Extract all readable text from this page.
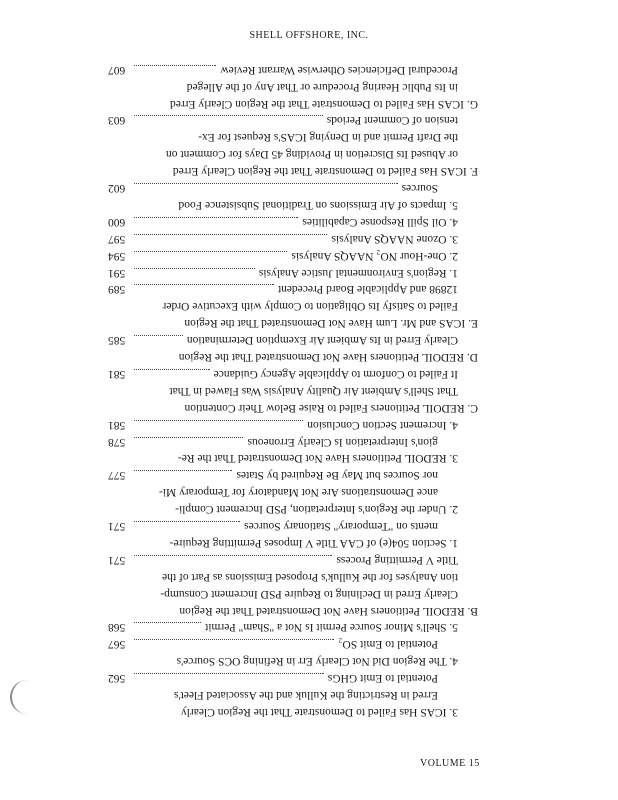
SHELL OFFSHORE, INC.
3. ICAS Has Failed to Demonstrate That the Region Clearly
Erred in Restricting the Kulluk and the Associated Fleet's
Potential to Emit GHGs
562
4. The Region Did Not Clearly Err in Refining OCS Source's
Potential to Emit SO₂
567
5. Shell's Minor Source Permit Is Not a "Sham" Permit
568
B. REDOIL Petitioners Have Not Demonstrated That the Region
Clearly Erred in Declining to Require PSD Increment Consump-
tion Analyses for the Kulluk's Proposed Emissions as Part of the
Title V Permitting Process
571
1. Section 504(e) of CAA Title V Imposes Permitting Require-
ments on "Temporary" Stationary Sources
571
2. Under the Region's Interpretation, PSD Increment Compli-
ance Demonstrations Are Not Mandatory for Temporary Mi-
nor Sources but May Be Required by States
577
3. REDOIL Petitioners Have Not Demonstrated That the Re-
gion's Interpretation Is Clearly Erroneous
578
4. Increment Section Conclusion
581
C. REDOIL Petitioners Failed to Raise Below Their Contention
That Shell's Ambient Air Quality Analysis Was Flawed in That
It Failed to Conform to Applicable Agency Guidance
581
D. REDOIL Petitioners Have Not Demonstrated That the Region
Clearly Erred in Its Ambient Air Exemption Determination
585
E. ICAS and Mr. Lum Have Not Demonstrated That the Region
Failed to Satisfy Its Obligation to Comply with Executive Order
12898 and Applicable Board Precedent
589
1. Region's Environmental Justice Analysis
591
2. One-Hour NO₂ NAAQS Analysis
594
3. Ozone NAAQS Analysis
597
4. Oil Spill Response Capabilities
600
5. Impacts of Air Emissions on Traditional Subsistence Food
Sources
602
F. ICAS Has Failed to Demonstrate That the Region Clearly Erred
or Abused Its Discretion in Providing 45 Days for Comment on
the Draft Permit and in Denying ICAS's Request for Ex-
tension of Comment Periods
603
G. ICAS Has Failed to Demonstrate That the Region Clearly Erred
in Its Public Hearing Procedure or That Any of the Alleged
Procedural Deficiencies Otherwise Warrant Review
607
VOLUME 15
